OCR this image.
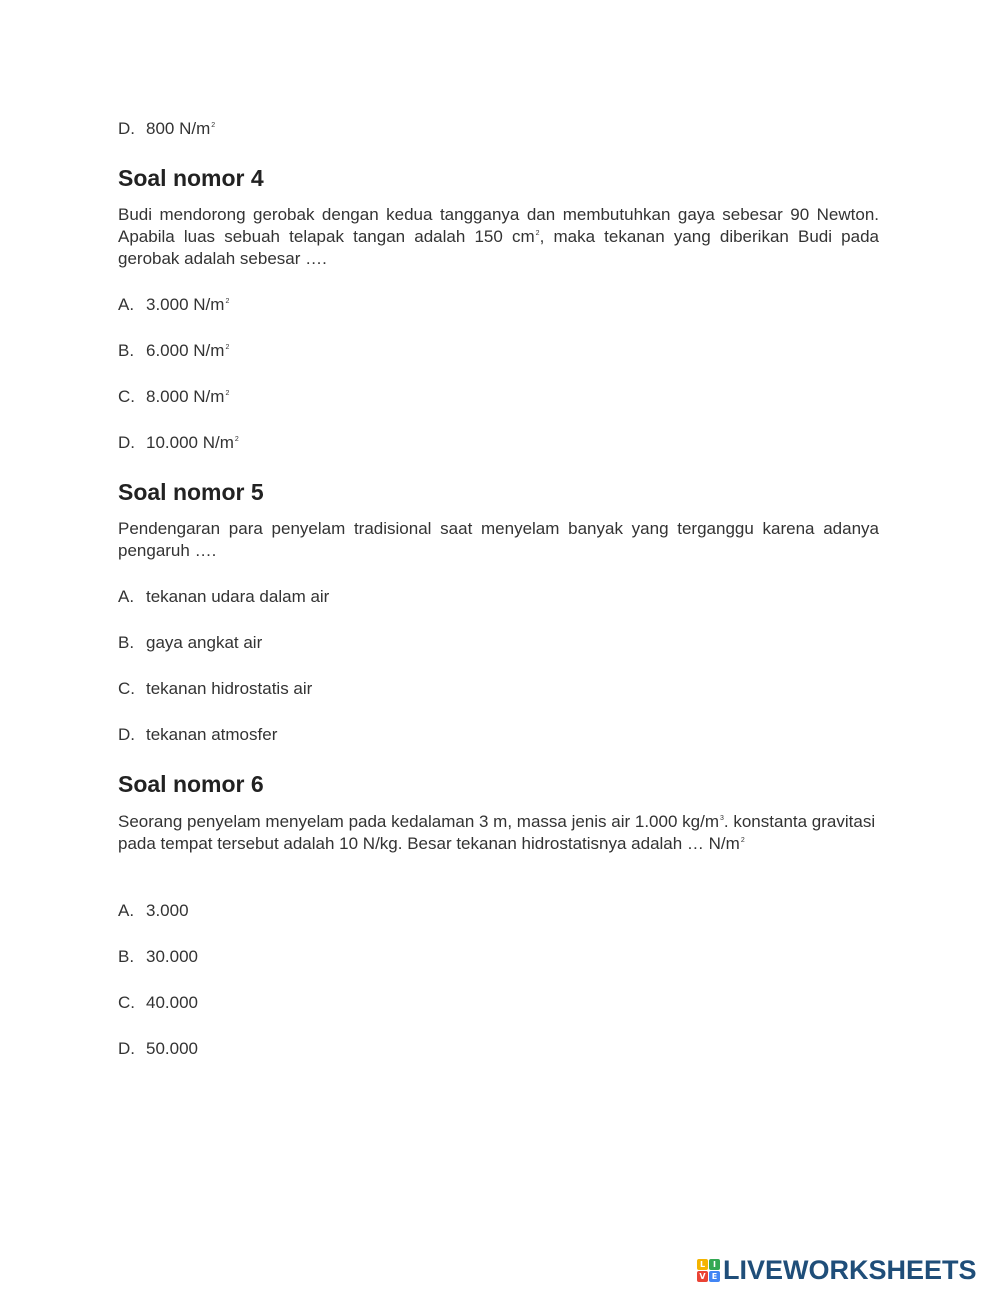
D. 800 $N/m^2$
Soal nomor 4
Budi mendorong gerobak dengan kedua tangganya dan membutuhkan gaya sebesar 90 Newton. Apabila luas sebuah telapak tangan adalah 150 $cm^2$, maka tekanan yang diberikan Budi pada gerobak adalah sebesar ….
A. 3.000 $N/m^2$
B. 6.000 $N/m^2$
C. 8.000 $N/m^2$
D. 10.000 $N/m^2$
Soal nomor 5
Pendengaran para penyelam tradisional saat menyelam banyak yang terganggu karena adanya pengaruh ….
A. tekanan udara dalam air
B. gaya angkat air
C. tekanan hidrostatis air
D. tekanan atmosfer
Soal nomor 6
Seorang penyelam menyelam pada kedalaman 3 m, massa jenis air 1.000 $kg/m^3$. konstanta gravitasi pada tempat tersebut adalah 10 N/kg. Besar tekanan hidrostatisnya adalah … $N/m^2$
A. 3.000
B. 30.000
C. 40.000
D. 50.000
L I
V E LIVEWORKSHEETS
